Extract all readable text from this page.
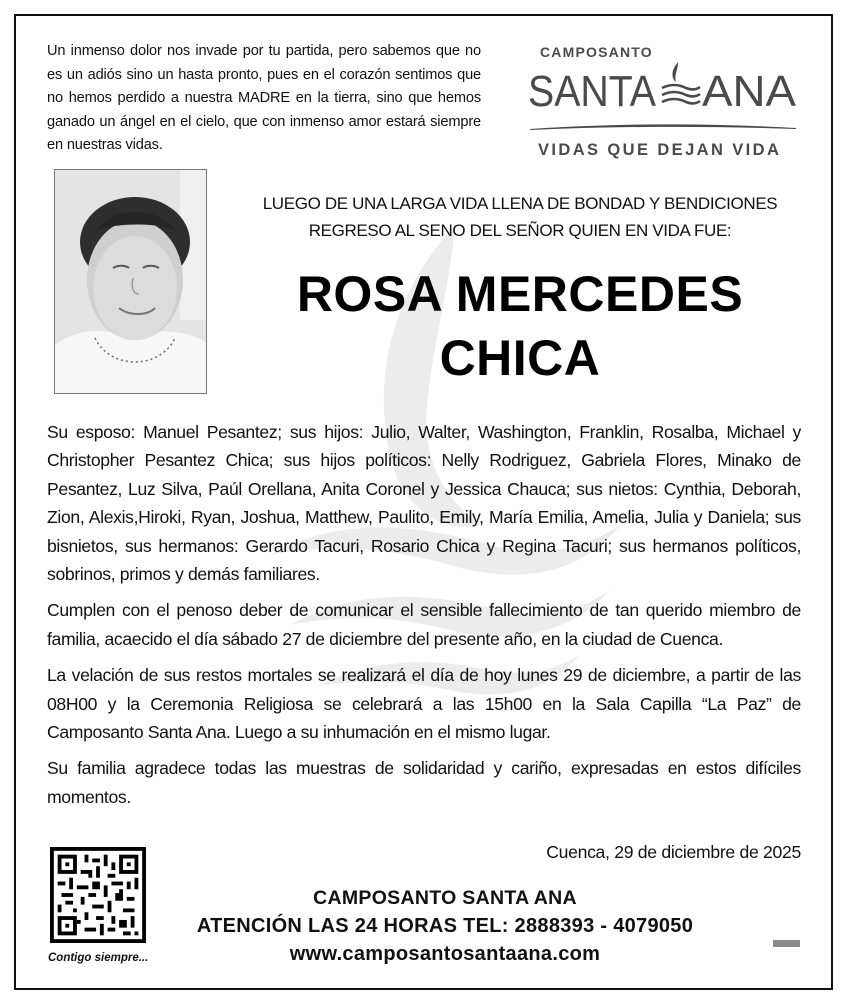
Un inmenso dolor nos invade por tu partida, pero sabemos que no es un adiós sino un hasta pronto, pues en el corazón sentimos que no hemos perdido a nuestra MADRE en la tierra, sino que hemos ganado un ángel en el cielo, que con inmenso amor estará siempre en nuestras vidas.
CAMPOSANTO
SANTA ANA
VIDAS QUE DEJAN VIDA
LUEGO DE UNA LARGA VIDA LLENA DE BONDAD Y BENDICIONES
REGRESO AL SENO DEL SEÑOR QUIEN EN VIDA FUE:
ROSA MERCEDES
CHICA

Su esposo: Manuel Pesantez; sus hijos: Julio, Walter, Washington, Franklin, Rosalba, Michael y Christopher Pesantez Chica; sus hijos políticos: Nelly Rodriguez, Gabriela Flores, Minako de Pesantez, Luz Silva, Paúl Orellana, Anita Coronel y Jessica Chauca; sus nietos: Cynthia, Deborah, Zion, Alexis,Hiroki, Ryan, Joshua, Matthew, Paulito, Emily, María Emilia, Amelia, Julia y Daniela; sus bisnietos, sus hermanos: Gerardo Tacuri, Rosario Chica y Regina Tacuri; sus hermanos políticos, sobrinos, primos y demás familiares.

Cumplen con el penoso deber de comunicar el sensible fallecimiento de tan querido miembro de familia, acaecido el día sábado 27 de diciembre del presente año, en la ciudad de Cuenca.

La velación de sus restos mortales se realizará el día de hoy lunes 29 de diciembre, a partir de las 08H00 y la Ceremonia Religiosa se celebrará a las 15h00 en la Sala Capilla “La Paz” de Camposanto Santa Ana. Luego a su inhumación en el mismo lugar.

Su familia agradece todas las muestras de solidaridad y cariño, expresadas en estos difíciles momentos.

Cuenca, 29 de diciembre de 2025
Contigo siempre...
CAMPOSANTO SANTA ANA
ATENCIÓN LAS 24 HORAS TEL: 2888393 - 4079050
www.camposantosantaana.com
